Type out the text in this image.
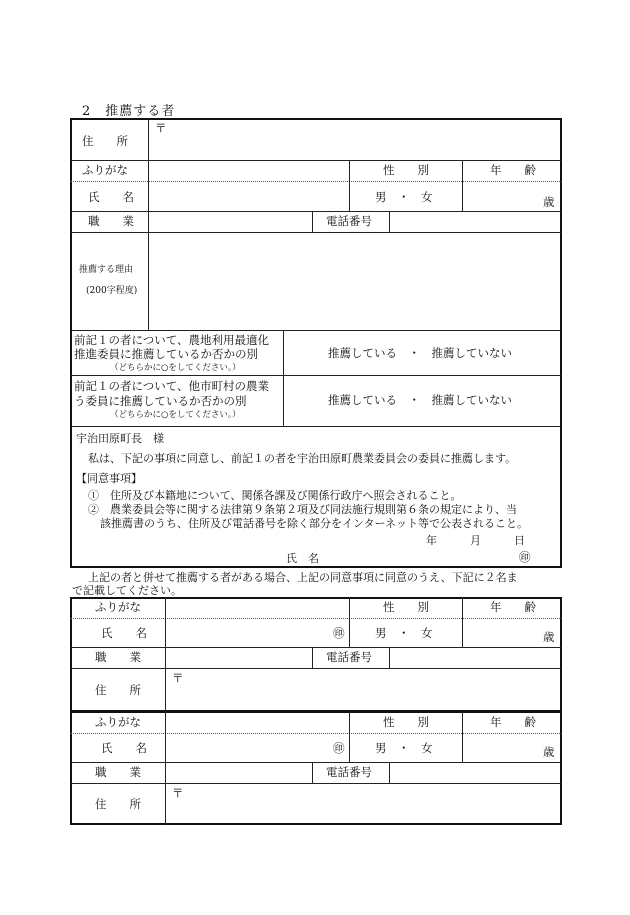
2　推薦する者
住　　所
〒
ふりがな	性　　別	年　　齢
氏　　名	男　・　女	歳
職　　業	電話番号
推薦する理由
(200字程度)
前記１の者について、農地利用最適化
推進委員に推薦しているか否かの別
（どちらかに○をしてください。）
推薦している　・　推薦していない
前記１の者について、他市町村の農業
う委員に推薦しているか否かの別
（どちらかに○をしてください。）
推薦している　・　推薦していない
宇治田原町長　様
私は、下記の事項に同意し、前記１の者を宇治田原町農業委員会の委員に推薦します。
【同意事項】
①　住所及び本籍地について、関係各課及び関係行政庁へ照会されること。
②　農業委員会等に関する法律第９条第２項及び同法施行規則第６条の規定により、当
該推薦書のうち、住所及び電話番号を除く部分をインターネット等で公表されること。
年　　　月　　　日
氏　名	㊞
上記の者と併せて推薦する者がある場合、上記の同意事項に同意のうえ、下記に２名ま
で記載してください。
ふりがな	性　　別	年　　齢
氏　　名	㊞	男　・　女	歳
職　　業	電話番号
住　　所
〒
ふりがな	性　　別	年　　齢
氏　　名	㊞	男　・　女	歳
職　　業	電話番号
住　　所
〒
